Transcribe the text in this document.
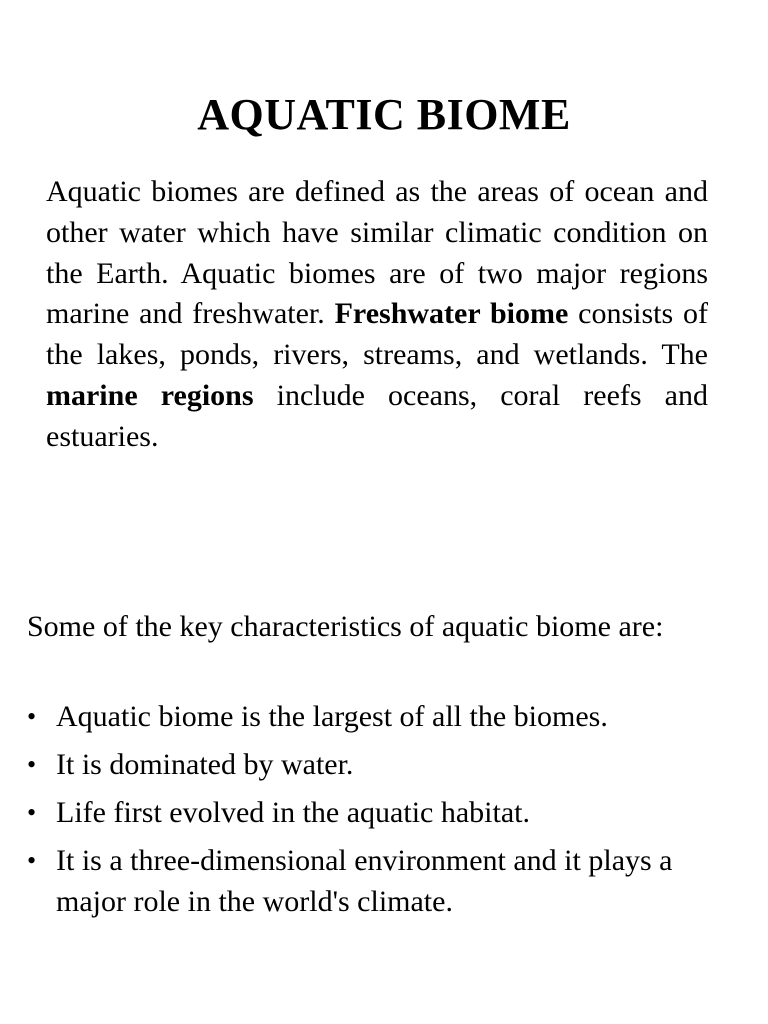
AQUATIC BIOME

Aquatic biomes are defined as the areas of ocean and other water which have similar climatic condition on the Earth. Aquatic biomes are of two major regions marine and freshwater. Freshwater biome consists of the lakes, ponds, rivers, streams, and wetlands. The marine regions include oceans, coral reefs and estuaries.

Some of the key characteristics of aquatic biome are:

• Aquatic biome is the largest of all the biomes.
• It is dominated by water.
• Life first evolved in the aquatic habitat.
• It is a three-dimensional environment and it plays a major role in the world's climate.
